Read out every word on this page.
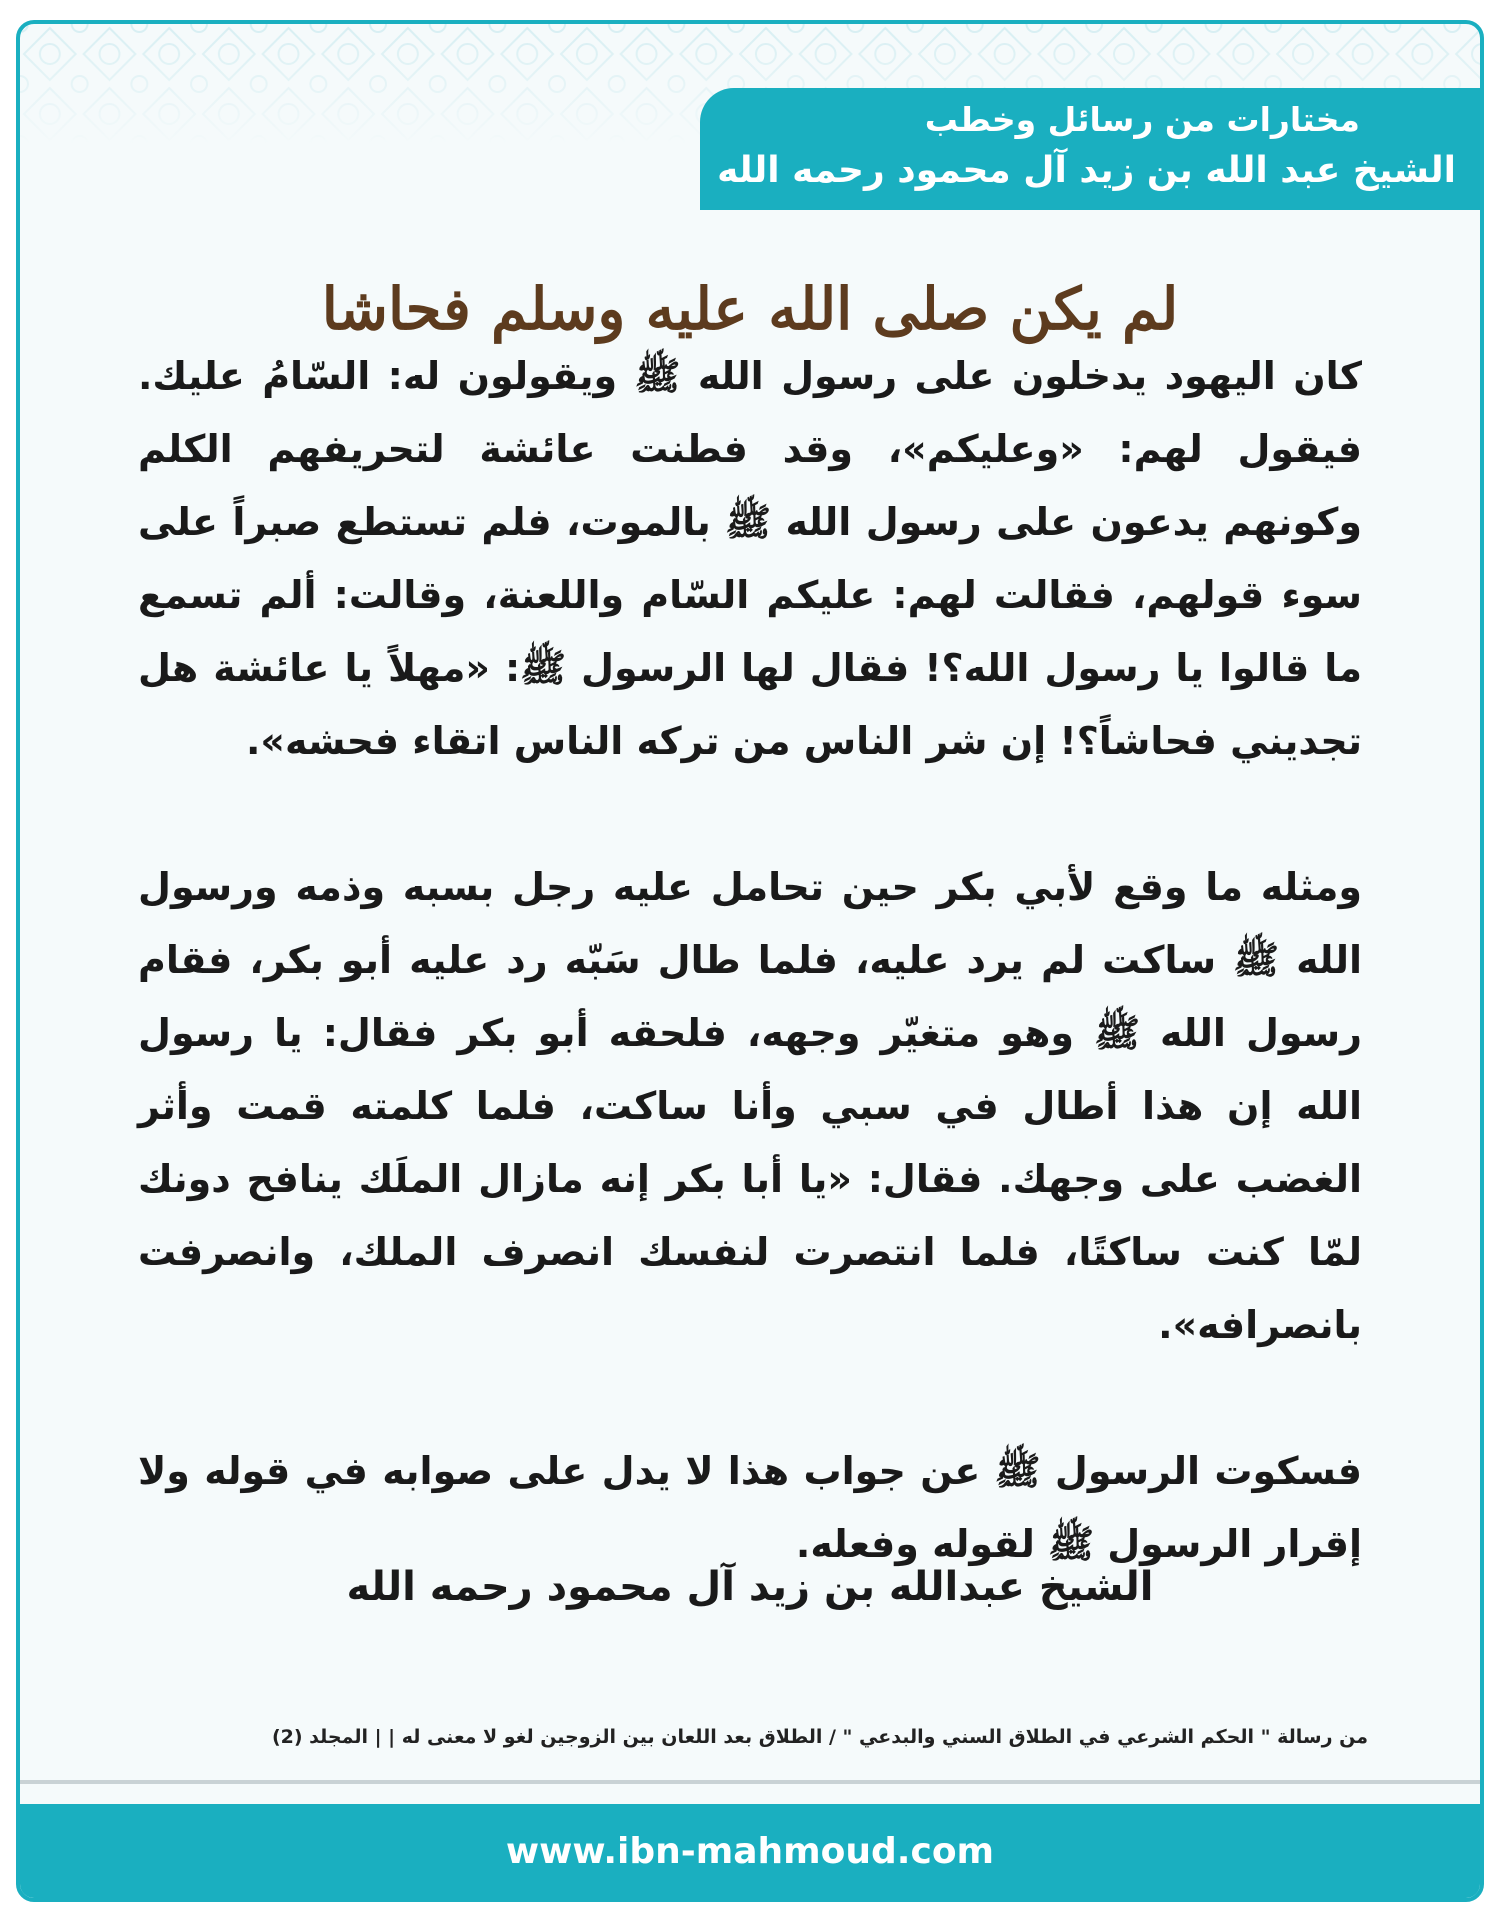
مختارات من رسائل وخطب
الشيخ عبد الله بن زيد آل محمود رحمه الله
لم يكن صلى الله عليه وسلم فحاشا

كان اليهود يدخلون على رسول الله ﷺ ويقولون له: السّامُ عليك. فيقول لهم: «وعليكم»، وقد فطنت عائشة لتحريفهم الكلم وكونهم يدعون على رسول الله ﷺ بالموت، فلم تستطع صبراً على سوء قولهم، فقالت لهم: عليكم السّام واللعنة، وقالت: ألم تسمع ما قالوا يا رسول الله؟! فقال لها الرسول ﷺ: «مهلاً يا عائشة هل تجديني فحاشاً؟! إن شر الناس من تركه الناس اتقاء فحشه».

ومثله ما وقع لأبي بكر حين تحامل عليه رجل بسبه وذمه ورسول الله ﷺ ساكت لم يرد عليه، فلما طال سَبّه رد عليه أبو بكر، فقام رسول الله ﷺ وهو متغيّر وجهه، فلحقه أبو بكر فقال: يا رسول الله إن هذا أطال في سبي وأنا ساكت، فلما كلمته قمت وأثر الغضب على وجهك. فقال: «يا أبا بكر إنه مازال الملَك ينافح دونك لمّا كنت ساكتًا، فلما انتصرت لنفسك انصرف الملك، وانصرفت بانصرافه».

فسكوت الرسول ﷺ عن جواب هذا لا يدل على صوابه في قوله ولا إقرار الرسول ﷺ لقوله وفعله.

الشيخ عبدالله بن زيد آل محمود رحمه الله
من رسالة " الحكم الشرعي في الطلاق السني والبدعي " / الطلاق بعد اللعان بين الزوجين لغو لا معنى له | | المجلد (2)
www.ibn-mahmoud.com
